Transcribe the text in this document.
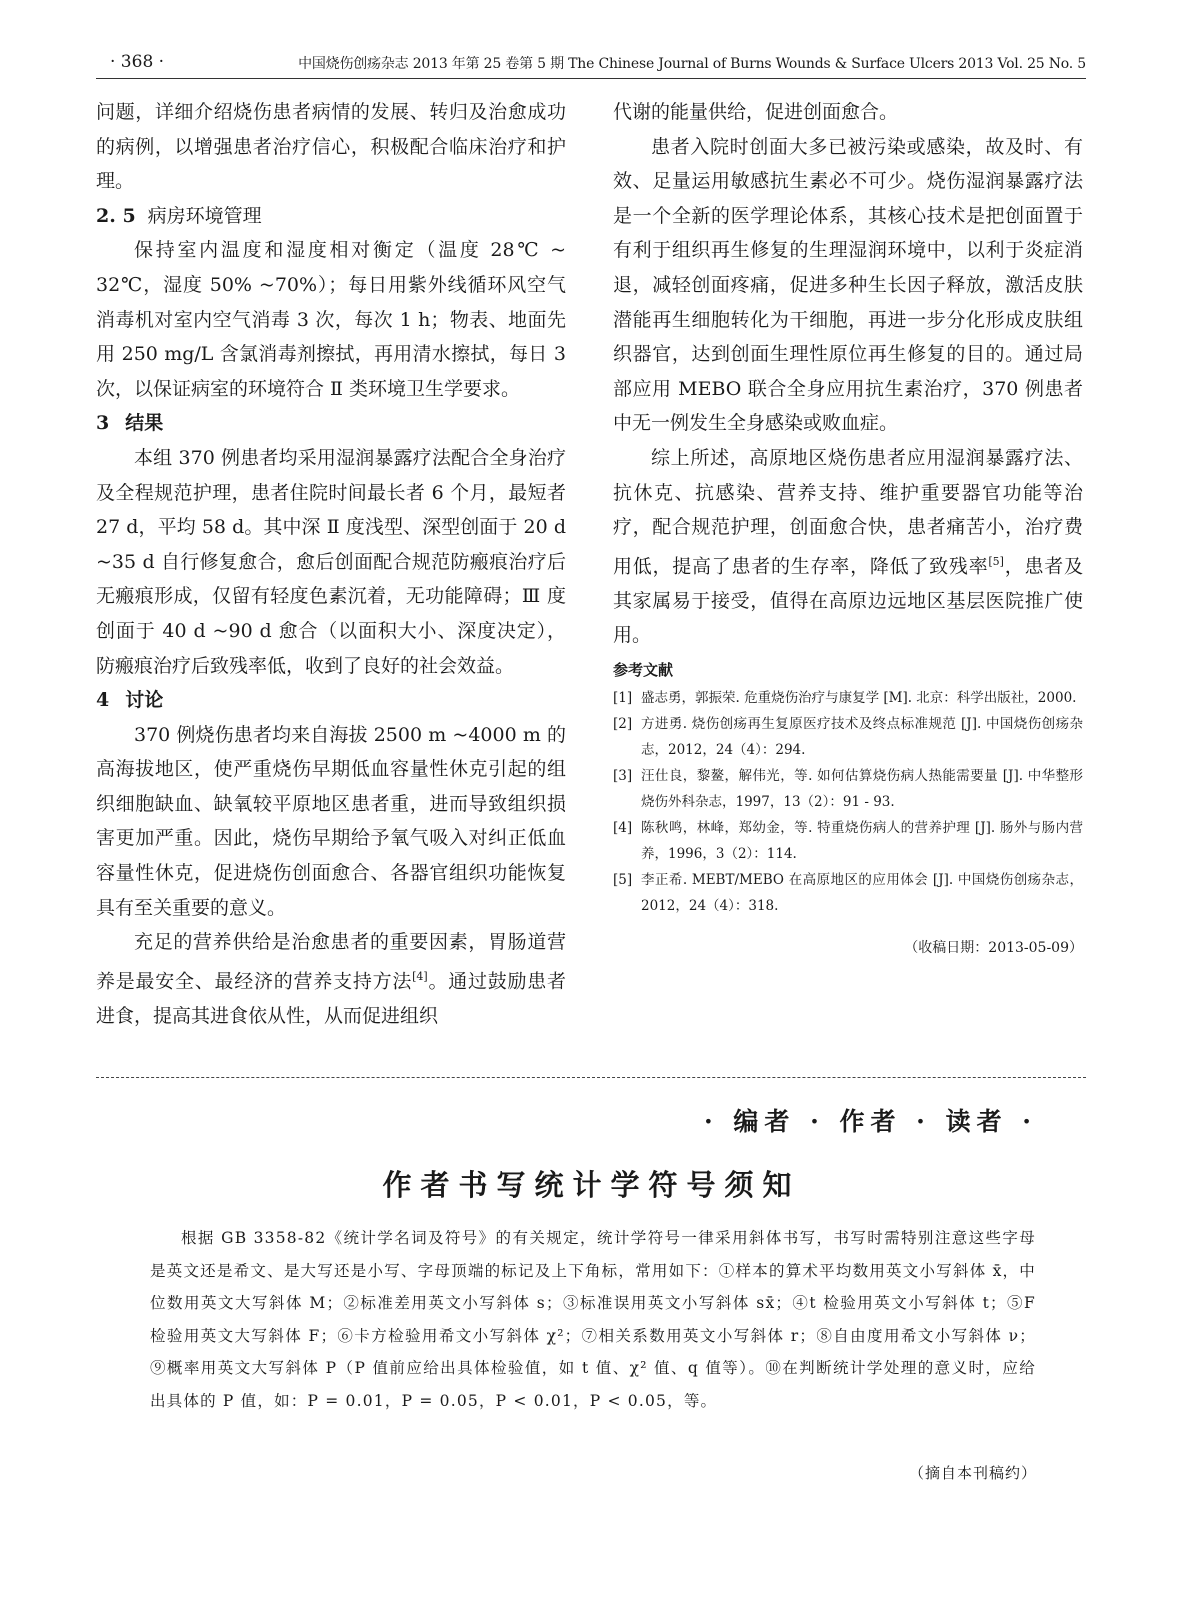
· 368 ·	中国烧伤创疡杂志 2013 年第 25 卷第 5 期 The Chinese Journal of Burns Wounds & Surface Ulcers 2013 Vol. 25 No. 5

问题，详细介绍烧伤患者病情的发展、转归及治愈成功的病例，以增强患者治疗信心，积极配合临床治疗和护理。

2. 5 病房环境管理

保持室内温度和湿度相对衡定（温度 28℃ ~ 32℃，湿度 50% ~70%）；每日用紫外线循环风空气消毒机对室内空气消毒 3 次，每次 1 h；物表、地面先用 250 mg/L 含氯消毒剂擦拭，再用清水擦拭，每日 3 次，以保证病室的环境符合 Ⅱ 类环境卫生学要求。

3 结果

本组 370 例患者均采用湿润暴露疗法配合全身治疗及全程规范护理，患者住院时间最长者 6 个月，最短者 27 d，平均 58 d。其中深 Ⅱ 度浅型、深型创面于 20 d ~35 d 自行修复愈合，愈后创面配合规范防瘢痕治疗后无瘢痕形成，仅留有轻度色素沉着，无功能障碍；Ⅲ 度创面于 40 d ~90 d 愈合（以面积大小、深度决定），防瘢痕治疗后致残率低，收到了良好的社会效益。

4 讨论

370 例烧伤患者均来自海拔 2500 m ~4000 m 的高海拔地区，使严重烧伤早期低血容量性休克引起的组织细胞缺血、缺氧较平原地区患者重，进而导致组织损害更加严重。因此，烧伤早期给予氧气吸入对纠正低血容量性休克，促进烧伤创面愈合、各器官组织功能恢复具有至关重要的意义。

充足的营养供给是治愈患者的重要因素，胃肠道营养是最安全、最经济的营养支持方法[4]。通过鼓励患者进食，提高其进食依从性，从而促进组织

代谢的能量供给，促进创面愈合。

患者入院时创面大多已被污染或感染，故及时、有效、足量运用敏感抗生素必不可少。烧伤湿润暴露疗法是一个全新的医学理论体系，其核心技术是把创面置于有利于组织再生修复的生理湿润环境中，以利于炎症消退，减轻创面疼痛，促进多种生长因子释放，激活皮肤潜能再生细胞转化为干细胞，再进一步分化形成皮肤组织器官，达到创面生理性原位再生修复的目的。通过局部应用 MEBO 联合全身应用抗生素治疗，370 例患者中无一例发生全身感染或败血症。

综上所述，高原地区烧伤患者应用湿润暴露疗法、抗休克、抗感染、营养支持、维护重要器官功能等治疗，配合规范护理，创面愈合快，患者痛苦小，治疗费用低，提高了患者的生存率，降低了致残率[5]，患者及其家属易于接受，值得在高原边远地区基层医院推广使用。

参考文献
[1] 盛志勇，郭振荣. 危重烧伤治疗与康复学 [M]. 北京：科学出版社，2000.
[2] 方进勇. 烧伤创疡再生复原医疗技术及终点标准规范 [J]. 中国烧伤创疡杂志，2012，24（4）：294.
[3] 汪仕良，黎鳌，解伟光，等. 如何估算烧伤病人热能需要量 [J]. 中华整形烧伤外科杂志，1997，13（2）：91 - 93.
[4] 陈秋鸣，林峰，郑幼金，等. 特重烧伤病人的营养护理 [J]. 肠外与肠内营养，1996，3（2）：114.
[5] 李正希. MEBT/MEBO 在高原地区的应用体会 [J]. 中国烧伤创疡杂志，2012，24（4）：318.
（收稿日期：2013-05-09）
· 编者 · 作者 · 读者 ·
作者书写统计学符号须知
根据 GB 3358-82《统计学名词及符号》的有关规定，统计学符号一律采用斜体书写，书写时需特别注意这些字母是英文还是希文、是大写还是小写、字母顶端的标记及上下角标，常用如下：①样本的算术平均数用英文小写斜体 x̄，中位数用英文大写斜体 M；②标准差用英文小写斜体 s；③标准误用英文小写斜体 sx̄；④t 检验用英文小写斜体 t；⑤F 检验用英文大写斜体 F；⑥卡方检验用希文小写斜体 χ²；⑦相关系数用英文小写斜体 r；⑧自由度用希文小写斜体 ν；⑨概率用英文大写斜体 P（P 值前应给出具体检验值，如 t 值、χ² 值、q 值等）。⑩在判断统计学处理的意义时，应给出具体的 P 值，如：P = 0.01，P = 0.05，P < 0.01，P < 0.05，等。
（摘自本刊稿约）
